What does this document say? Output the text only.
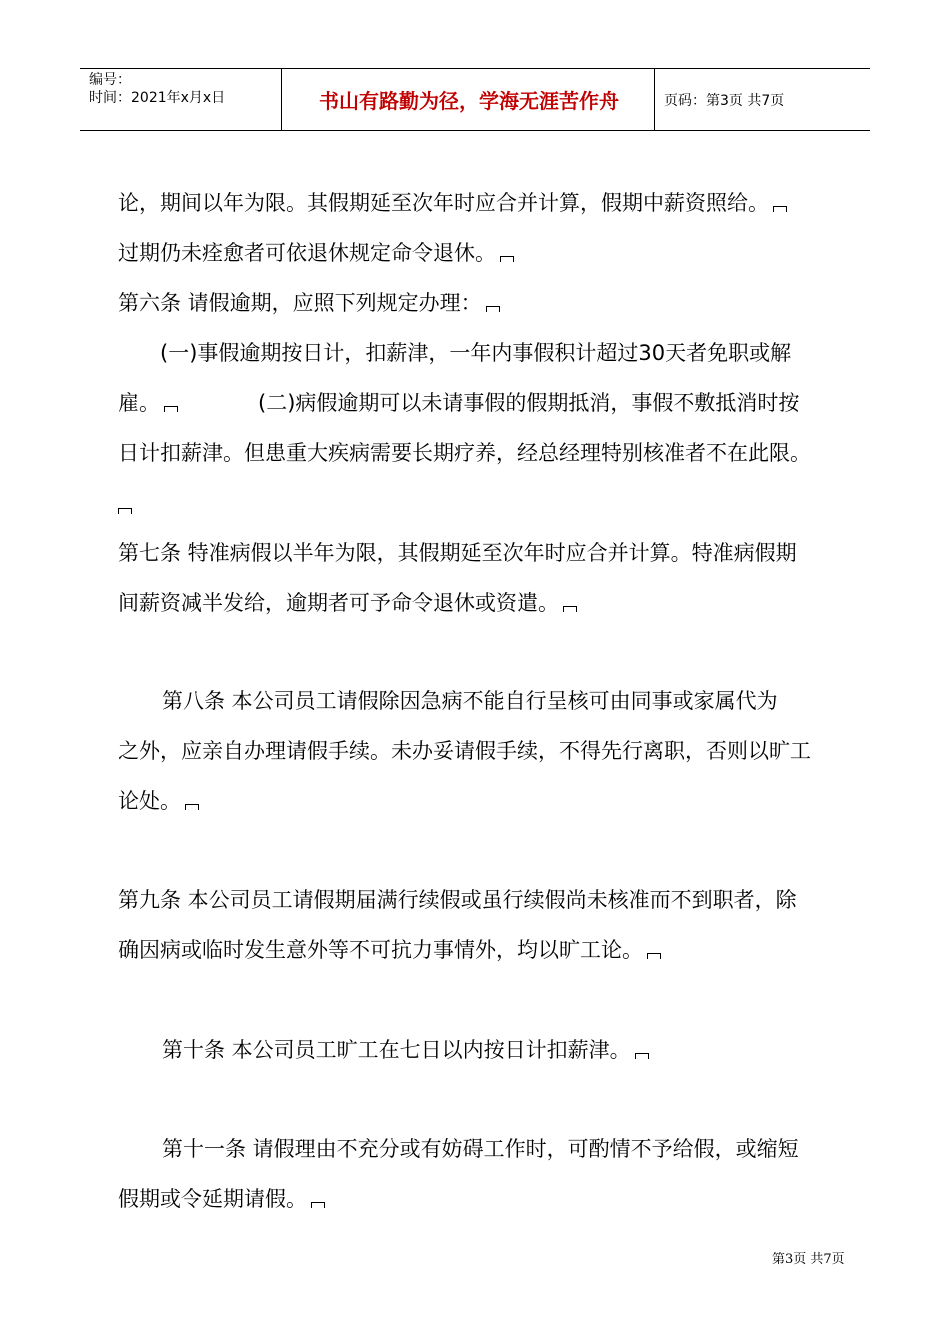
编号：
时间：2021年x月x日	书山有路勤为径，学海无涯苦作舟	页码：第3页 共7页
论，期间以年为限。其假期延至次年时应合并计算，假期中薪资照给。
过期仍未痊愈者可依退休规定命令退休。
第六条 请假逾期，应照下列规定办理：
(一)事假逾期按日计，扣薪津，一年内事假积计超过30天者免职或解
雇。	(二)病假逾期可以未请事假的假期抵消，事假不敷抵消时按
日计扣薪津。但患重大疾病需要长期疗养，经总经理特别核准者不在此限。
第七条 特准病假以半年为限，其假期延至次年时应合并计算。特准病假期
间薪资减半发给，逾期者可予命令退休或资遣。
第八条 本公司员工请假除因急病不能自行呈核可由同事或家属代为
之外，应亲自办理请假手续。未办妥请假手续，不得先行离职，否则以旷工
论处。
第九条 本公司员工请假期届满行续假或虽行续假尚未核准而不到职者，除
确因病或临时发生意外等不可抗力事情外，均以旷工论。
第十条 本公司员工旷工在七日以内按日计扣薪津。
第十一条 请假理由不充分或有妨碍工作时，可酌情不予给假，或缩短
假期或令延期请假。
第3页 共7页
